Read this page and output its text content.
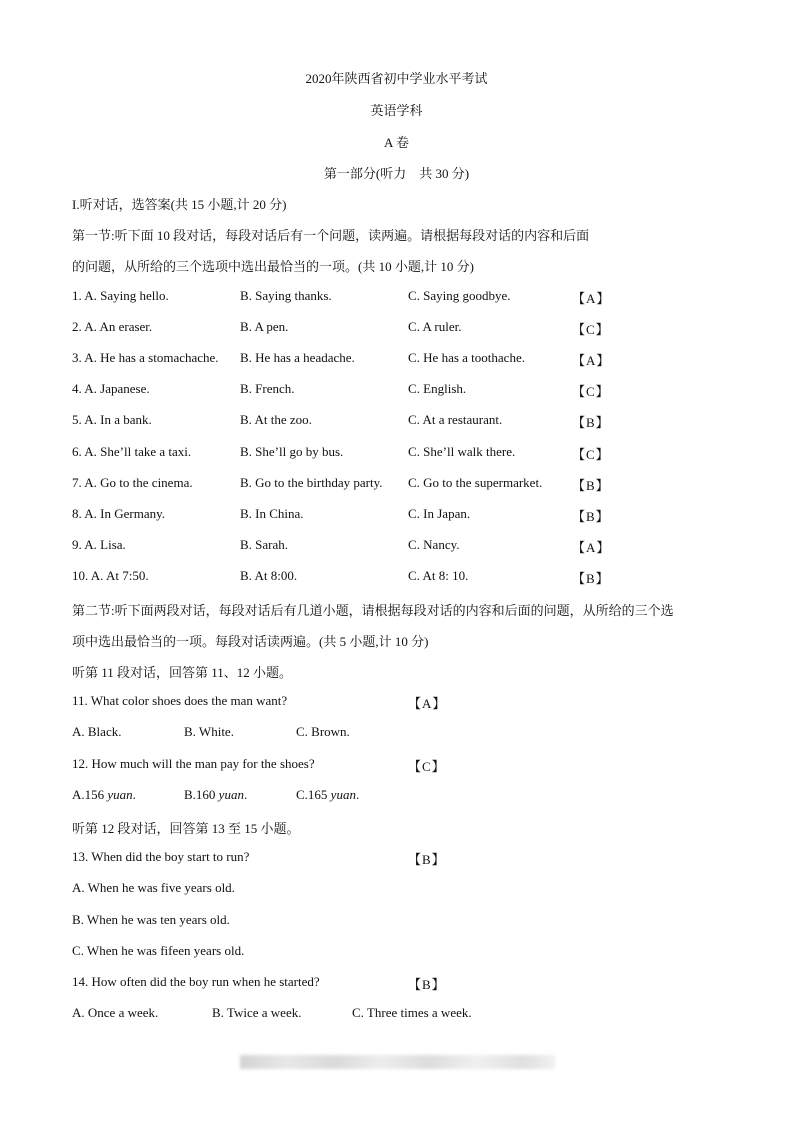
2020年陕西省初中学业水平考试
英语学科
A 卷
第一部分(听力　共 30 分)
I.听对话，选答案(共 15 小题,计 20 分)
第一节:听下面 10 段对话，每段对话后有一个问题，读两遍。请根据每段对话的内容和后面
的问题，从所给的三个选项中选出最恰当的一项。(共 10 小题,计 10 分)
1. A. Saying hello.	B. Saying thanks.	C. Saying goodbye.	【A】
2. A. An eraser.	B. A pen.	C. A ruler.	【C】
3. A. He has a stomachache. B. He has a headache.	C. He has a toothache.	【A】
4. A. Japanese.	B. French.	C. English.	【C】
5. A. In a bank.	B. At the zoo.	C. At a restaurant.	【B】
6. A. She’ll take a taxi.	B. She’ll go by bus.	C. She’ll walk there.	【C】
7. A. Go to the cinema.	B. Go to the birthday party. C. Go to the supermarket. 【B】
8. A. In Germany.	B. In China.	C. In Japan.	【B】
9. A. Lisa.	B. Sarah.	C. Nancy.	【A】
10. A. At 7:50.	B. At 8:00.	C. At 8: 10.	【B】
第二节:听下面两段对话，每段对话后有几道小题，请根据每段对话的内容和后面的问题，从所给的三个选
项中选出最恰当的一项。每段对话读两遍。(共 5 小题,计 10 分)
听第 11 段对话，回答第 11、12 小题。
11. What color shoes does the man want?	【A】
A. Black.	B. White.	C. Brown.
12. How much will the man pay for the shoes?	【C】
A.156 yuan.	B.160 yuan.	C.165 yuan.
听第 12 段对话，回答第 13 至 15 小题。
13. When did the boy start to run?	【B】
A. When he was five years old.
B. When he was ten years old.
C. When he was fifeen years old.
14. How often did the boy run when he started?	【B】
A. Once a week.	B. Twice a week.	C. Three times a week.
